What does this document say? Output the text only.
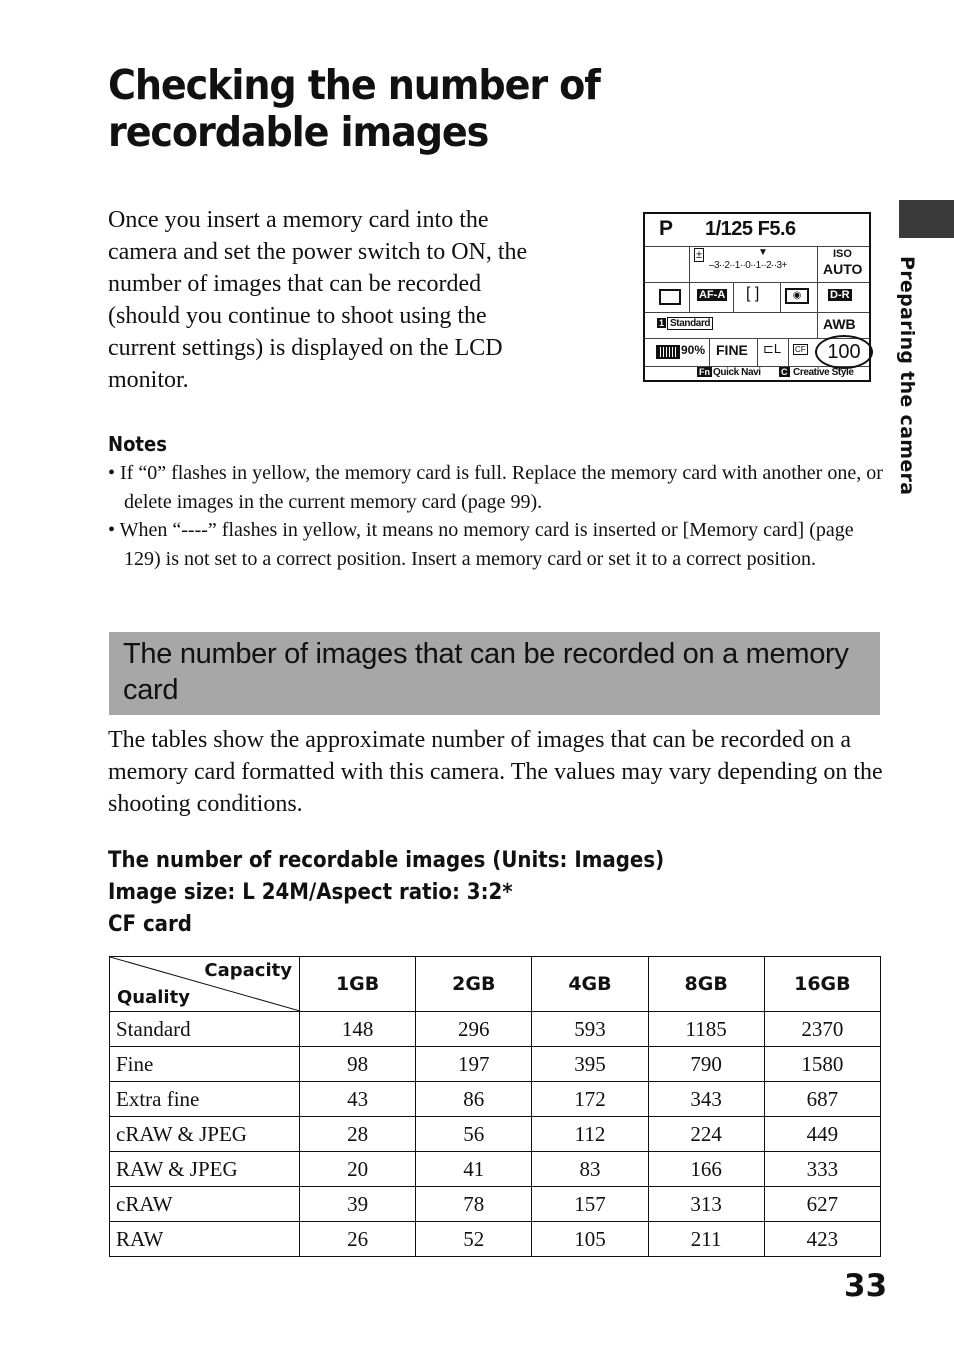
Checking the number of recordable images

Once you insert a memory card into the camera and set the power switch to ON, the number of images that can be recorded (should you continue to shoot using the current settings) is displayed on the LCD monitor.

P 1/125 F5.6
±	▼
–3··2··1··0··1··2··3+
ISO
AUTO
AF-A [ ]	◉	D-R
1 Standard	AWB
90% FINE ⊏L CF	100
Fn Quick Navi C Creative Style Preparing the camera
Notes

• If “0” flashes in yellow, the memory card is full. Replace the memory card with another one, or delete images in the current memory card (page 99).

• When “----” flashes in yellow, it means no memory card is inserted or [Memory card] (page 129) is not set to a correct position. Insert a memory card or set it to a correct position.

The number of images that can be recorded on a memory card

The tables show the approximate number of images that can be recorded on a memory card formatted with this camera. The values may vary depending on the shooting conditions.

The number of recordable images (Units: Images)
Image size: L 24M/Aspect ratio: 3:2*
CF card
Capacity
Quality	1GB	2GB	4GB	8GB	16GB
Standard	148	296	593	1185	2370
Fine	98	197	395	790	1580
Extra fine	43	86	172	343	687
cRAW & JPEG	28	56	112	224	449
RAW & JPEG	20	41	83	166	333
cRAW	39	78	157	313	627
RAW	26	52	105	211	423
33
